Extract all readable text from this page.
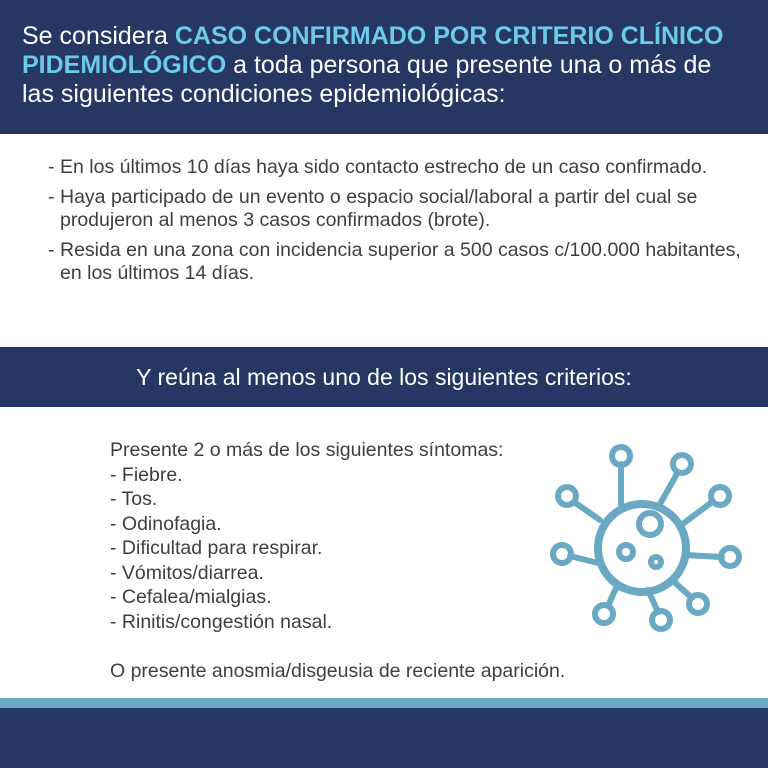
Se considera CASO CONFIRMADO POR CRITERIO CLÍNICO PIDEMIOLÓGICO a toda persona que presente una o más de las siguientes condiciones epidemiológicas:
- En los últimos 10 días haya sido contacto estrecho de un caso confirmado.
- Haya participado de un evento o espacio social/laboral a partir del cual se produjeron al menos 3 casos confirmados (brote).
- Resida en una zona con incidencia superior a 500 casos c/100.000 habitantes, en los últimos 14 días.
Y reúna al menos uno de los siguientes criterios:
Presente 2 o más de los siguientes síntomas:
- Fiebre.
- Tos.
- Odinofagia.
- Dificultad para respirar.
- Vómitos/diarrea.
- Cefalea/mialgias.
- Rinitis/congestión nasal.
O presente anosmia/disgeusia de reciente aparición.
